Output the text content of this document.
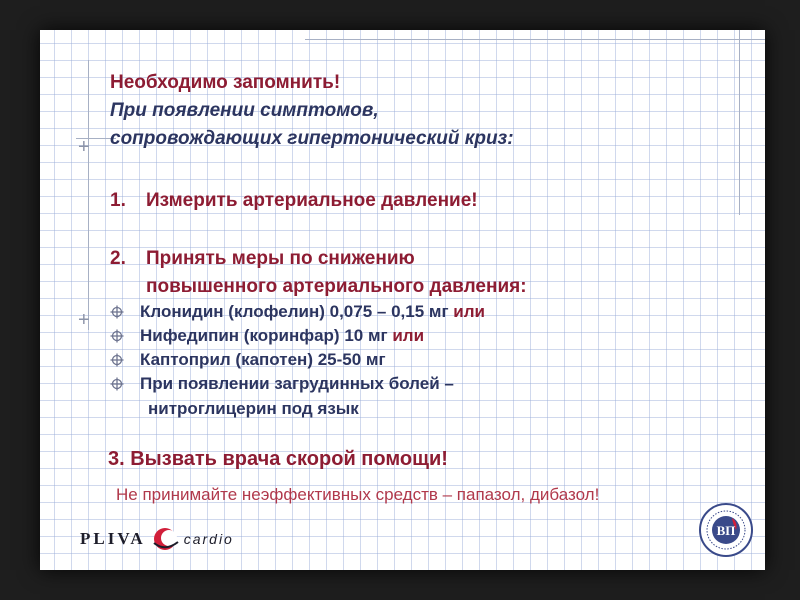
+
+
Необходимо запомнить!
При появлении симптомов,
сопровождающих гипертонический криз:
1. Измерить артериальное давление!
2. Принять меры по снижению
повышенного артериального давления:
Клонидин (клофелин) 0,075 – 0,15 мг или
Нифедипин (коринфар) 10 мг или
Каптоприл (капотен) 25-50 мг
При появлении загрудинных болей –
нитроглицерин под язык
3. Вызвать врача скорой помощи!
Не принимайте неэффективных средств – папазол, дибазол!
PLIVA	cardio
ВП
